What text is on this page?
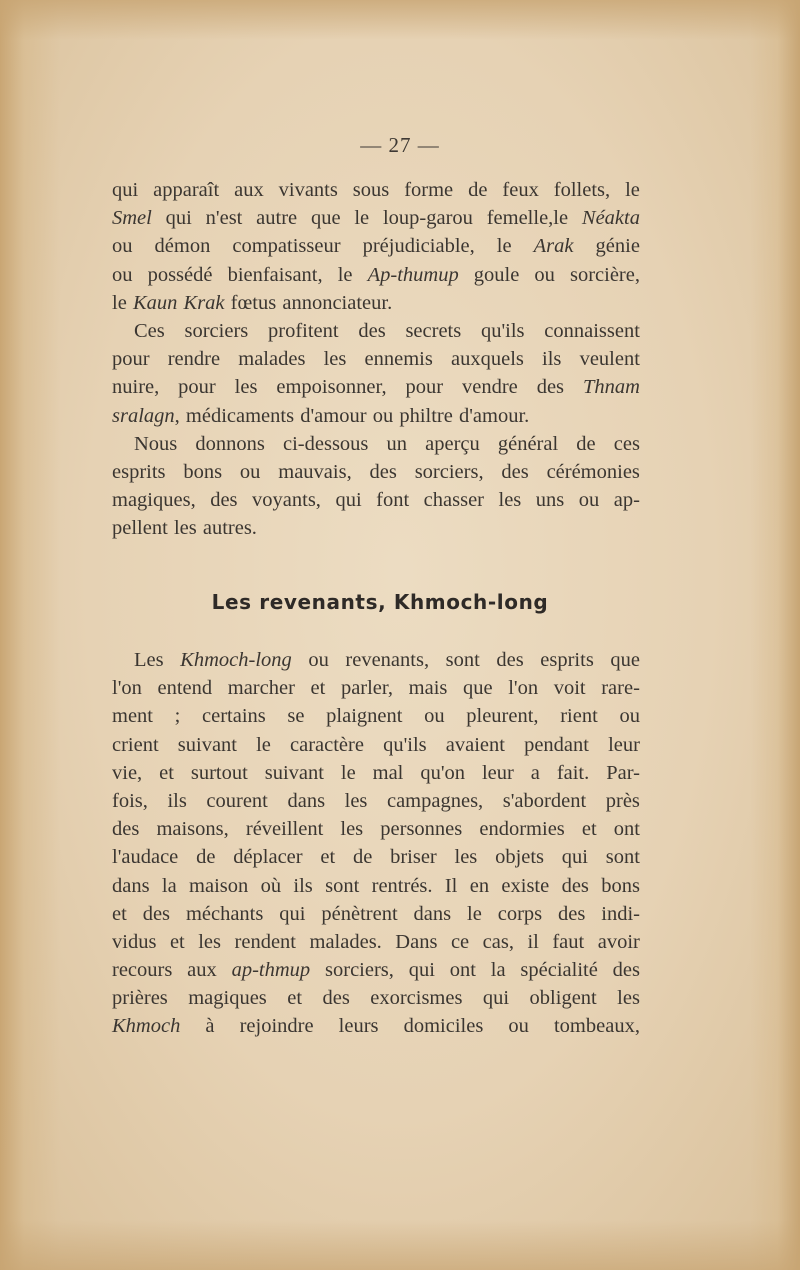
— 27 —
qui apparaît aux vivants sous forme de feux follets, le
Smel qui n'est autre que le loup-garou femelle,le Néakta
ou démon compatisseur préjudiciable, le Arak génie
ou possédé bienfaisant, le Ap-thumup goule ou sorcière,
le Kaun Krak fœtus annonciateur.
Ces sorciers profitent des secrets qu'ils connaissent
pour rendre malades les ennemis auxquels ils veulent
nuire, pour les empoisonner, pour vendre des Thnam
sralagn, médicaments d'amour ou philtre d'amour.
Nous donnons ci-dessous un aperçu général de ces
esprits bons ou mauvais, des sorciers, des cérémonies
magiques, des voyants, qui font chasser les uns ou ap-
pellent les autres.
Les revenants, Khmoch-long
Les Khmoch-long ou revenants, sont des esprits que
l'on entend marcher et parler, mais que l'on voit rare-
ment ; certains se plaignent ou pleurent, rient ou
crient suivant le caractère qu'ils avaient pendant leur
vie, et surtout suivant le mal qu'on leur a fait. Par-
fois, ils courent dans les campagnes, s'abordent près
des maisons, réveillent les personnes endormies et ont
l'audace de déplacer et de briser les objets qui sont
dans la maison où ils sont rentrés. Il en existe des bons
et des méchants qui pénètrent dans le corps des indi-
vidus et les rendent malades. Dans ce cas, il faut avoir
recours aux ap-thmup sorciers, qui ont la spécialité des
prières magiques et des exorcismes qui obligent les
Khmoch à rejoindre leurs domiciles ou tombeaux,
